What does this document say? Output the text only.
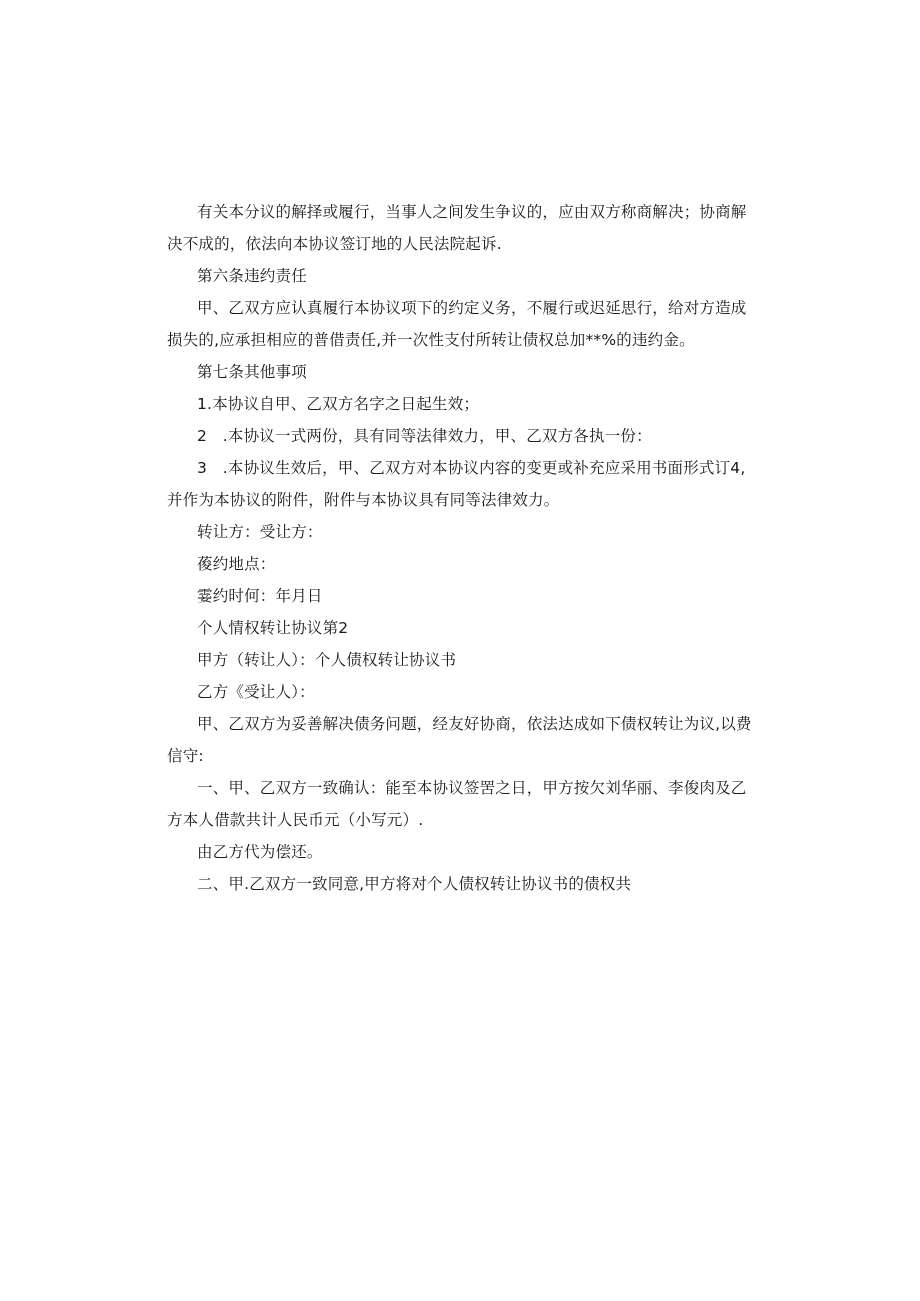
有关本分议的解择或履行，当事人之间发生争议的，应由双方称商解决；协商解决不成的，依法向本协议签订地的人民法院起诉.

第六条违约责任

甲、乙双方应认真履行本协议项下的约定义务，不履行或迟延思行，给对方造成损失的,应承担相应的普借责任,并一次性支付所转让债权总加**%的违约金。

第七条其他事项

1.本协议自甲、乙双方名字之日起生效；

2　.本协议一式两份，具有同等法律效力，甲、乙双方各执一份：

3　.本协议生效后，甲、乙双方对本协议内容的变更或补充应采用书面形式订4,并作为本协议的附件，附件与本协议具有同等法律效力。

转让方：受让方：

葰约地点：

霎约时何：年月日

个人情权转让协议第2

甲方（转让人）：个人债权转让协议书

乙方《受让人）：

甲、乙双方为妥善解决债务问题，经友好协商，依法达成如下债权转让为议,以费信守:

一、甲、乙双方一致确认：能至本协议签罟之日，甲方按欠刘华丽、李俊肉及乙方本人借款共计人民币元（小写元）.

由乙方代为偿还。

二、甲.乙双方一致同意,甲方将对个人债权转让协议书的债权共
